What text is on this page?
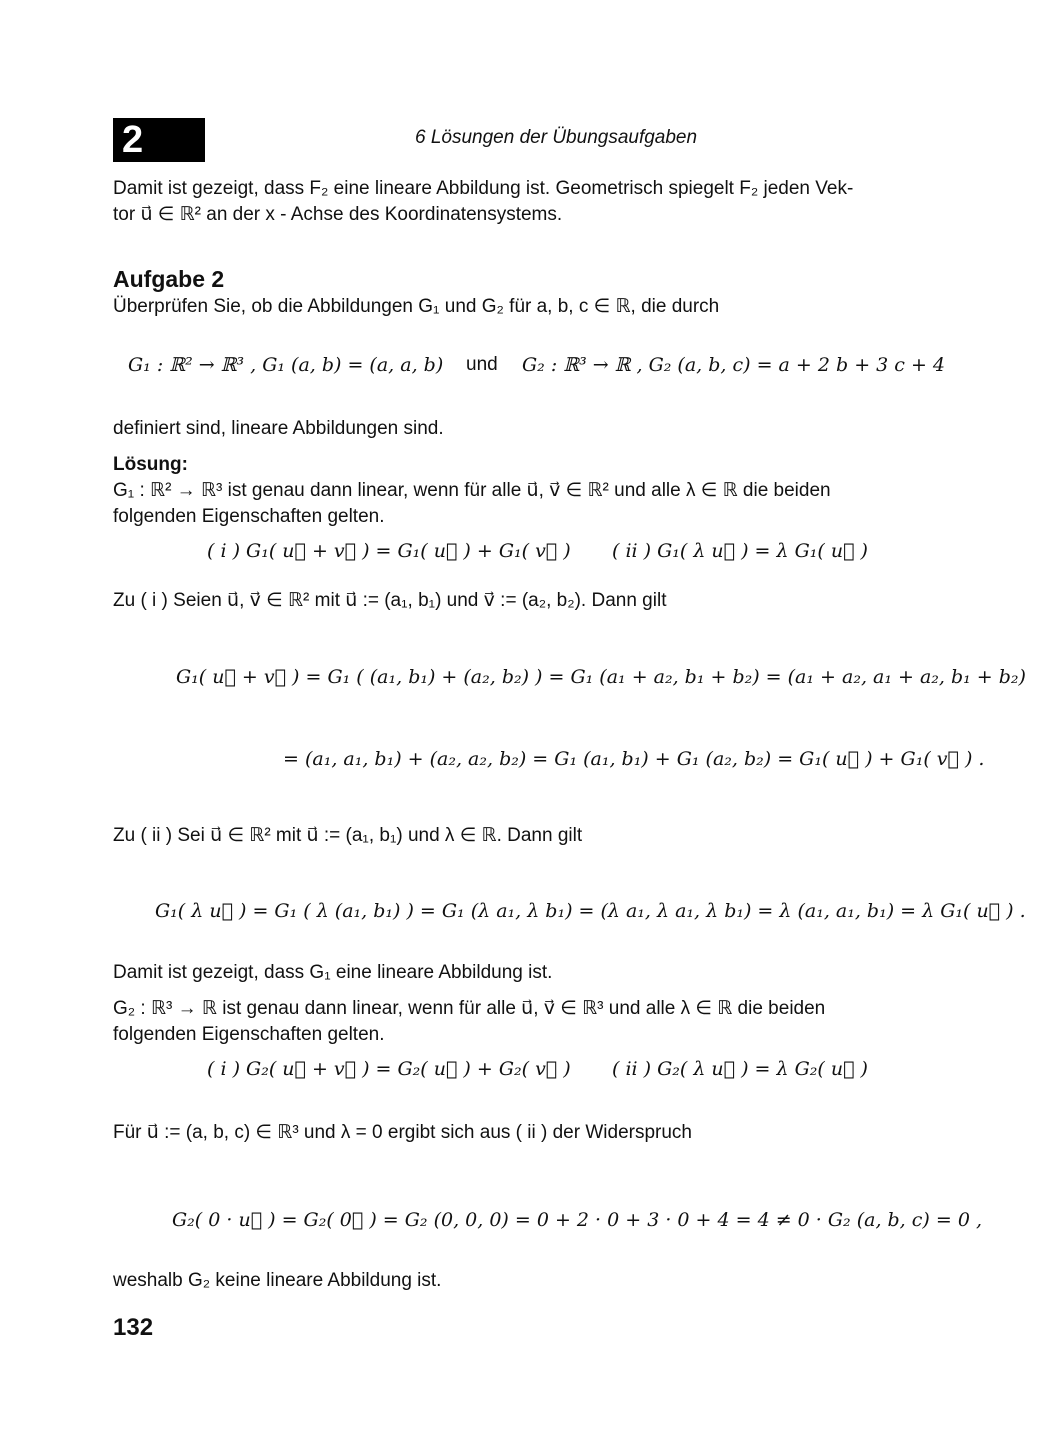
2	6 Lösungen der Übungsaufgaben
Damit ist gezeigt, dass F₂ eine lineare Abbildung ist. Geometrisch spiegelt F₂ jeden Vek-
tor u⃗ ∈ ℝ² an der x - Achse des Koordinatensystems.
Aufgabe 2
Überprüfen Sie, ob die Abbildungen G₁ und G₂ für a, b, c ∈ ℝ, die durch
G₁ : ℝ² → ℝ³ , G₁ (a, b) = (a, a, b) und G₂ : ℝ³ → ℝ , G₂ (a, b, c) = a + 2 b + 3 c + 4
definiert sind, lineare Abbildungen sind.
Lösung:
G₁ : ℝ² → ℝ³ ist genau dann linear, wenn für alle u⃗, v⃗ ∈ ℝ² und alle λ ∈ ℝ die beiden
folgenden Eigenschaften gelten.
( i ) G₁( u⃗ + v⃗ ) = G₁( u⃗ ) + G₁( v⃗ ) ( ii ) G₁( λ u⃗ ) = λ G₁( u⃗ )
Zu ( i ) Seien u⃗, v⃗ ∈ ℝ² mit u⃗ := (a₁, b₁) und v⃗ := (a₂, b₂). Dann gilt
G₁( u⃗ + v⃗ ) = G₁ ( (a₁, b₁) + (a₂, b₂) ) = G₁ (a₁ + a₂, b₁ + b₂) = (a₁ + a₂, a₁ + a₂, b₁ + b₂)
= (a₁, a₁, b₁) + (a₂, a₂, b₂) = G₁ (a₁, b₁) + G₁ (a₂, b₂) = G₁( u⃗ ) + G₁( v⃗ ) .
Zu ( ii ) Sei u⃗ ∈ ℝ² mit u⃗ := (a₁, b₁) und λ ∈ ℝ. Dann gilt
G₁( λ u⃗ ) = G₁ ( λ (a₁, b₁) ) = G₁ (λ a₁, λ b₁) = (λ a₁, λ a₁, λ b₁) = λ (a₁, a₁, b₁) = λ G₁( u⃗ ) .
Damit ist gezeigt, dass G₁ eine lineare Abbildung ist.
G₂ : ℝ³ → ℝ ist genau dann linear, wenn für alle u⃗, v⃗ ∈ ℝ³ und alle λ ∈ ℝ die beiden
folgenden Eigenschaften gelten.
( i ) G₂( u⃗ + v⃗ ) = G₂( u⃗ ) + G₂( v⃗ ) ( ii ) G₂( λ u⃗ ) = λ G₂( u⃗ )
Für u⃗ := (a, b, c) ∈ ℝ³ und λ = 0 ergibt sich aus ( ii ) der Widerspruch
G₂( 0 · u⃗ ) = G₂( 0⃗ ) = G₂ (0, 0, 0) = 0 + 2 · 0 + 3 · 0 + 4 = 4 ≠ 0 · G₂ (a, b, c) = 0 ,
weshalb G₂ keine lineare Abbildung ist.
132
